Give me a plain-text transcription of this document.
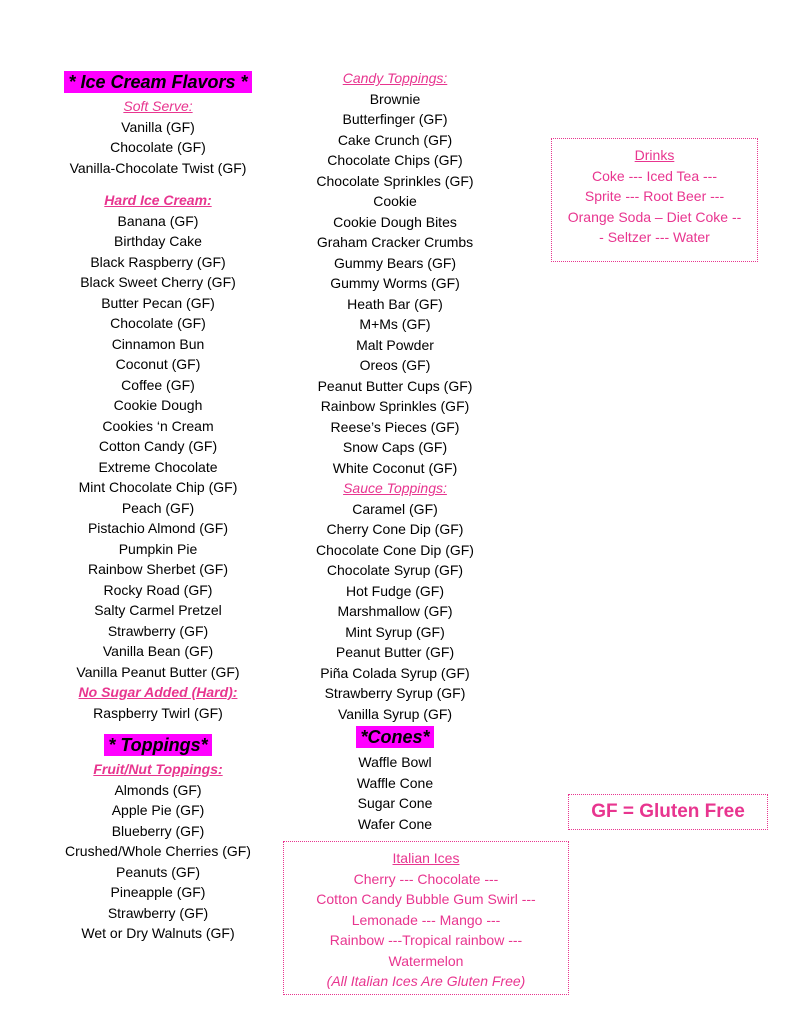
* Ice Cream Flavors *
Soft Serve:
Vanilla (GF)
Chocolate (GF)
Vanilla-Chocolate Twist (GF)
Hard Ice Cream:
Banana (GF)
Birthday Cake
Black Raspberry (GF)
Black Sweet Cherry (GF)
Butter Pecan (GF)
Chocolate (GF)
Cinnamon Bun
Coconut (GF)
Coffee (GF)
Cookie Dough
Cookies ‘n Cream
Cotton Candy (GF)
Extreme Chocolate
Mint Chocolate Chip (GF)
Peach (GF)
Pistachio Almond (GF)
Pumpkin Pie
Rainbow Sherbet (GF)
Rocky Road (GF)
Salty Carmel Pretzel
Strawberry (GF)
Vanilla Bean (GF)
Vanilla Peanut Butter (GF)
No Sugar Added (Hard):
Raspberry Twirl (GF)
* Toppings*
Fruit/Nut Toppings:
Almonds (GF)
Apple Pie (GF)
Blueberry (GF)
Crushed/Whole Cherries (GF)
Peanuts (GF)
Pineapple (GF)
Strawberry (GF)
Wet or Dry Walnuts (GF)
Candy Toppings:
Brownie
Butterfinger (GF)
Cake Crunch (GF)
Chocolate Chips (GF)
Chocolate Sprinkles (GF)
Cookie
Cookie Dough Bites
Graham Cracker Crumbs
Gummy Bears (GF)
Gummy Worms (GF)
Heath Bar (GF)
M+Ms (GF)
Malt Powder
Oreos (GF)
Peanut Butter Cups (GF)
Rainbow Sprinkles (GF)
Reese’s Pieces (GF)
Snow Caps (GF)
White Coconut (GF)
Sauce Toppings:
Caramel (GF)
Cherry Cone Dip (GF)
Chocolate Cone Dip (GF)
Chocolate Syrup (GF)
Hot Fudge (GF)
Marshmallow (GF)
Mint Syrup (GF)
Peanut Butter (GF)
Piña Colada Syrup (GF)
Strawberry Syrup (GF)
Vanilla Syrup (GF)
*Cones*
Waffle Bowl
Waffle Cone
Sugar Cone
Wafer Cone
Italian Ices
Cherry --- Chocolate ---
Cotton Candy Bubble Gum Swirl ---
Lemonade --- Mango ---
Rainbow ---Tropical rainbow ---
Watermelon
(All Italian Ices Are Gluten Free)
Drinks
Coke --- Iced Tea ---
Sprite --- Root Beer ---
Orange Soda – Diet Coke --
- Seltzer --- Water
GF = Gluten Free
